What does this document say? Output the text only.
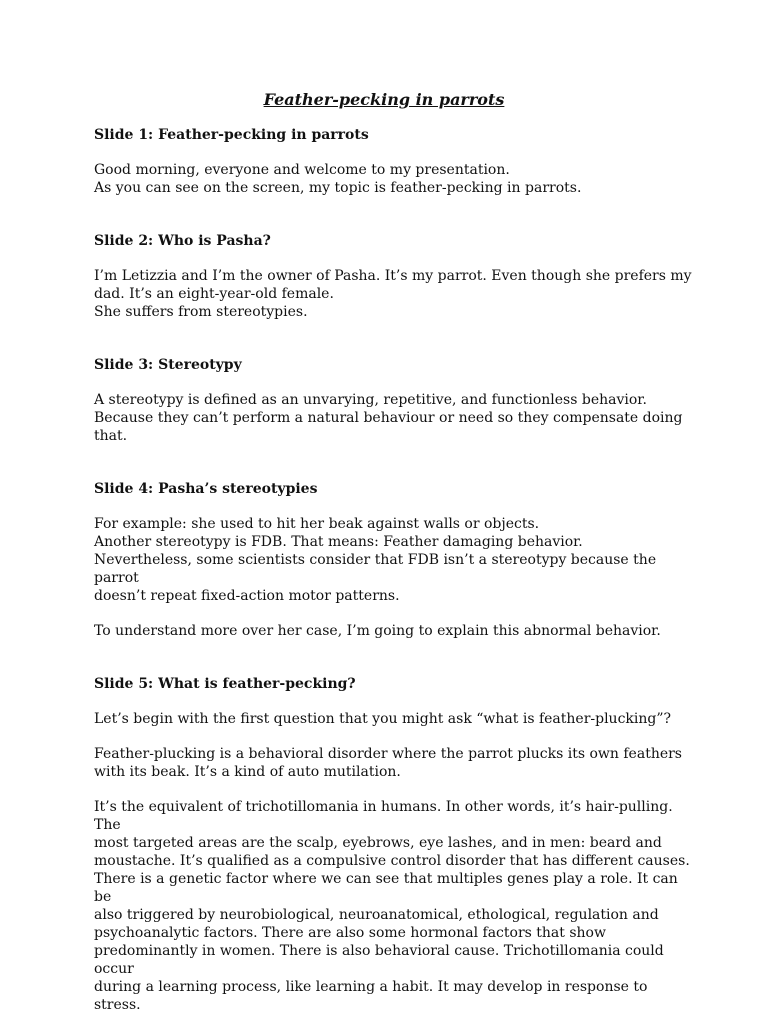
Feather-pecking in parrots

Slide 1: Feather-pecking in parrots

Good morning, everyone and welcome to my presentation.
As you can see on the screen, my topic is feather-pecking in parrots.

Slide 2: Who is Pasha?

I’m Letizzia and I’m the owner of Pasha. It’s my parrot. Even though she prefers my
dad. It’s an eight-year-old female.
She suffers from stereotypies.

Slide 3: Stereotypy

A stereotypy is defined as an unvarying, repetitive, and functionless behavior.
Because they can’t perform a natural behaviour or need so they compensate doing
that.

Slide 4: Pasha’s stereotypies

For example: she used to hit her beak against walls or objects.
Another stereotypy is FDB. That means: Feather damaging behavior.
Nevertheless, some scientists consider that FDB isn’t a stereotypy because the parrot
doesn’t repeat fixed-action motor patterns.

To understand more over her case, I’m going to explain this abnormal behavior.

Slide 5: What is feather-pecking?

Let’s begin with the first question that you might ask “what is feather-plucking”?

Feather-plucking is a behavioral disorder where the parrot plucks its own feathers
with its beak. It’s a kind of auto mutilation.

It’s the equivalent of trichotillomania in humans. In other words, it’s hair-pulling. The
most targeted areas are the scalp, eyebrows, eye lashes, and in men: beard and
moustache. It’s qualified as a compulsive control disorder that has different causes.
There is a genetic factor where we can see that multiples genes play a role. It can be
also triggered by neurobiological, neuroanatomical, ethological, regulation and
psychoanalytic factors. There are also some hormonal factors that show
predominantly in women. There is also behavioral cause. Trichotillomania could occur
during a learning process, like learning a habit. It may develop in response to stress.
